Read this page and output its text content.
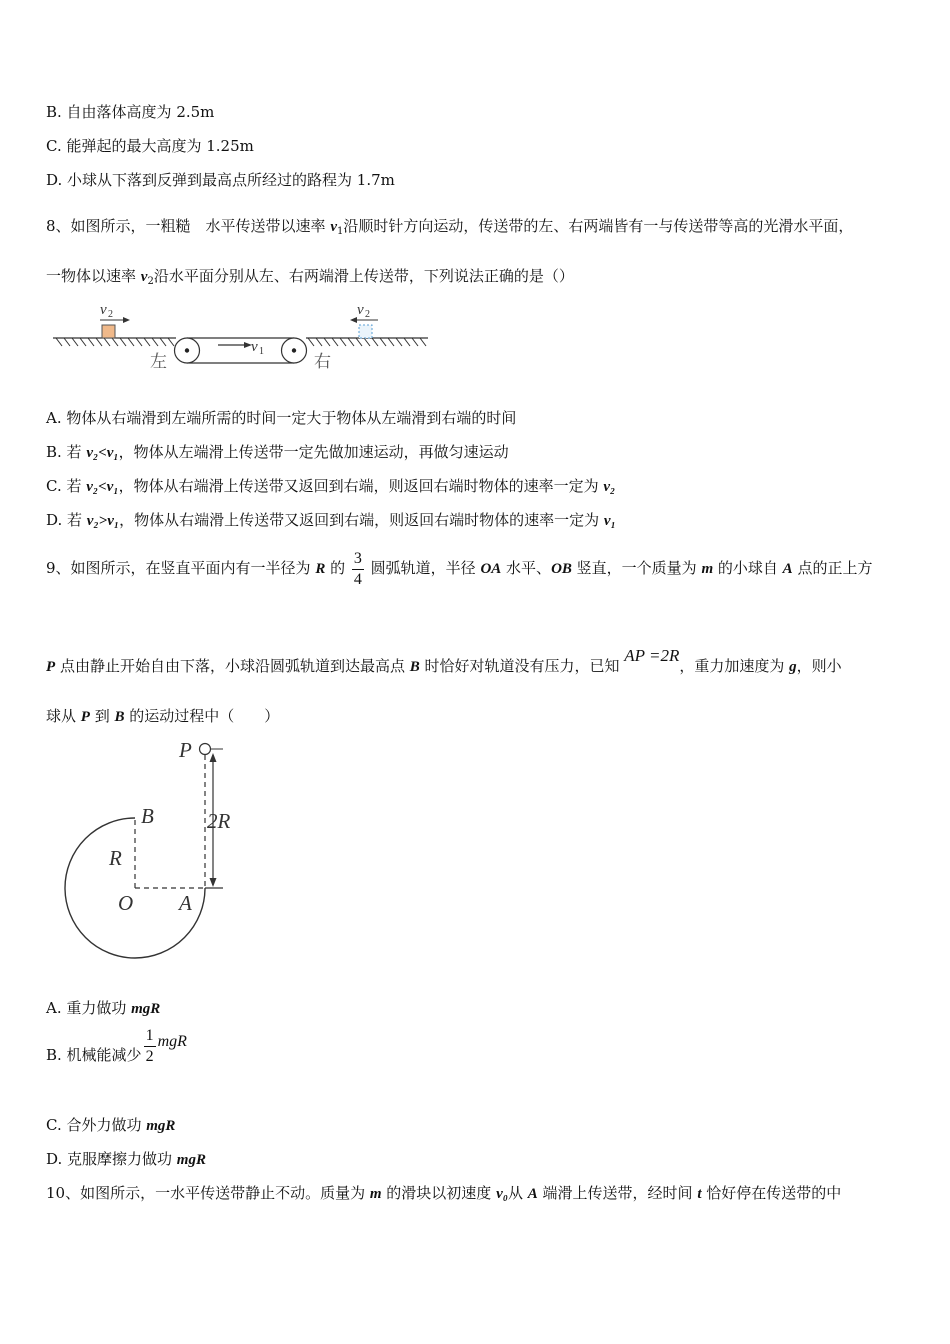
B. 自由落体高度为 2.5m
C. 能弹起的最大高度为 1.25m
D. 小球从下落到反弹到最高点所经过的路程为 1.7m
8、如图所示，一粗糙　水平传送带以速率 $v_1$沿顺时针方向运动，传送带的左、右两端皆有一与传送带等高的光滑水平面，
一物体以速率 $v_2$沿水平面分别从左、右两端滑上传送带，下列说法正确的是（）
v 1
v 2	v 2
左	右
A. 物体从右端滑到左端所需的时间一定大于物体从左端滑到右端的时间
B. 若 v₂<v₁，物体从左端滑上传送带一定先做加速运动，再做匀速运动
C. 若 v₂<v₁，物体从右端滑上传送带又返回到右端，则返回右端时物体的速率一定为 v₂
D. 若 v₂>v₁，物体从右端滑上传送带又返回到右端，则返回右端时物体的速率一定为 v₁
9、如图所示，在竖直平面内有一半径为 R 的 $\frac{3}{4}$ 圆弧轨道，半径 OA 水平、OB 竖直，一个质量为 m 的小球自 A 点的正上方
P 点由静止开始自由下落，小球沿圆弧轨道到达最高点 B 时恰好对轨道没有压力，已知 AP =2R，重力加速度为 g，则小
球从 P 到 B 的运动过程中（　　）
P
B
R
2R
O A
A. 重力做功 mgR
B. 机械能减少 $\frac{1}{2}$ mgR
C. 合外力做功 mgR
D. 克服摩擦力做功 mgR
10、如图所示，一水平传送带静止不动。质量为 m 的滑块以初速度 v₀从 A 端滑上传送带，经时间 t 恰好停在传送带的中
